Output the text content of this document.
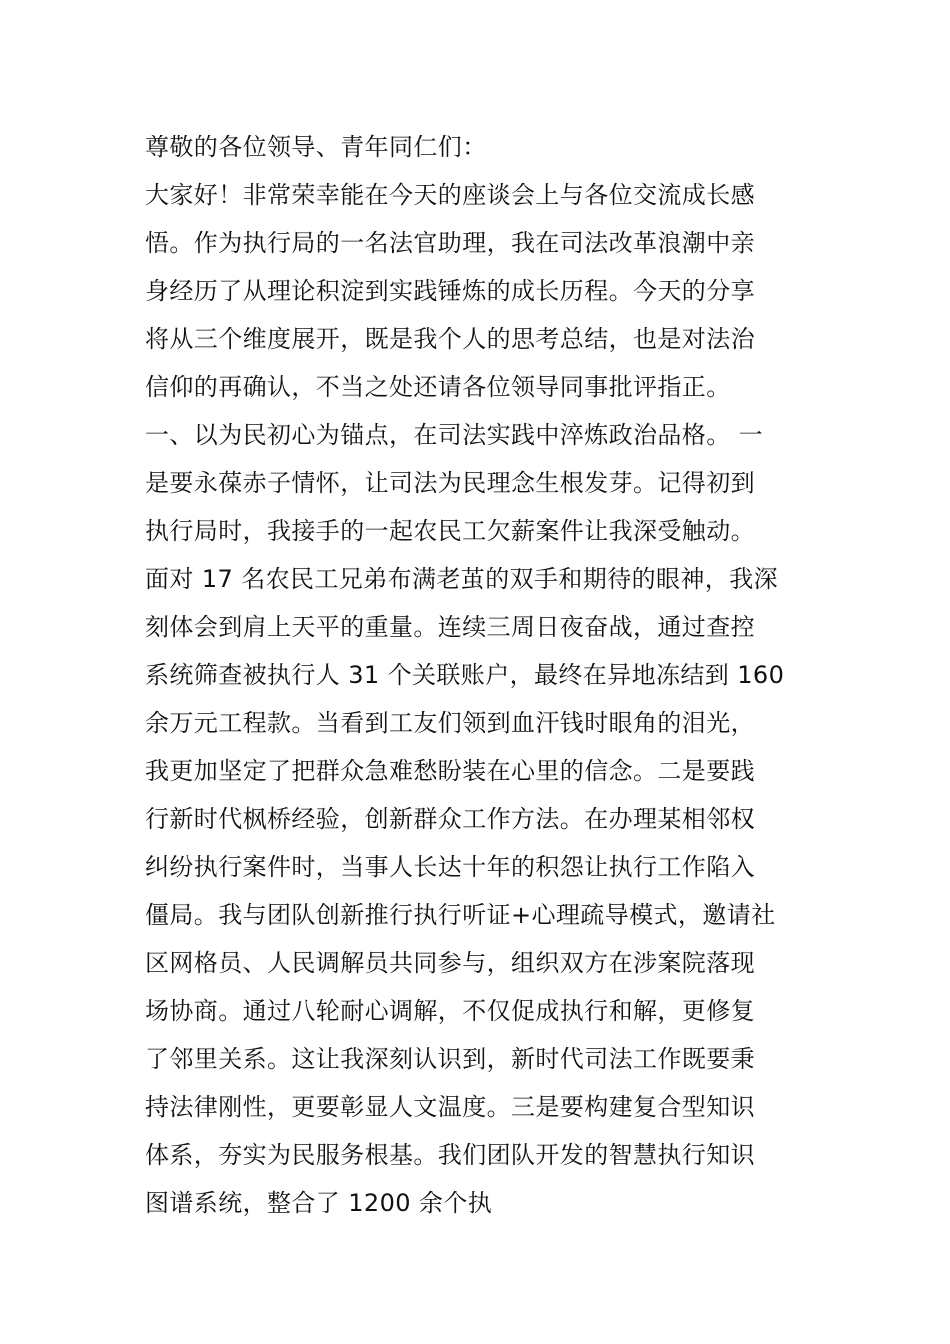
尊敬的各位领导、青年同仁们：
大家好！非常荣幸能在今天的座谈会上与各位交流成长感
悟。作为执行局的一名法官助理，我在司法改革浪潮中亲
身经历了从理论积淀到实践锤炼的成长历程。今天的分享
将从三个维度展开，既是我个人的思考总结，也是对法治
信仰的再确认，不当之处还请各位领导同事批评指正。
一、以为民初心为锚点，在司法实践中淬炼政治品格。 一
是要永葆赤子情怀，让司法为民理念生根发芽。记得初到
执行局时，我接手的一起农民工欠薪案件让我深受触动。
面对 17 名农民工兄弟布满老茧的双手和期待的眼神，我深
刻体会到肩上天平的重量。连续三周日夜奋战，通过查控
系统筛查被执行人 31 个关联账户，最终在异地冻结到 160
余万元工程款。当看到工友们领到血汗钱时眼角的泪光，
我更加坚定了把群众急难愁盼装在心里的信念。二是要践
行新时代枫桥经验，创新群众工作方法。在办理某相邻权
纠纷执行案件时，当事人长达十年的积怨让执行工作陷入
僵局。我与团队创新推行执行听证+心理疏导模式，邀请社
区网格员、人民调解员共同参与，组织双方在涉案院落现
场协商。通过八轮耐心调解，不仅促成执行和解，更修复
了邻里关系。这让我深刻认识到，新时代司法工作既要秉
持法律刚性，更要彰显人文温度。三是要构建复合型知识
体系，夯实为民服务根基。我们团队开发的智慧执行知识
图谱系统，整合了 1200 余个执
